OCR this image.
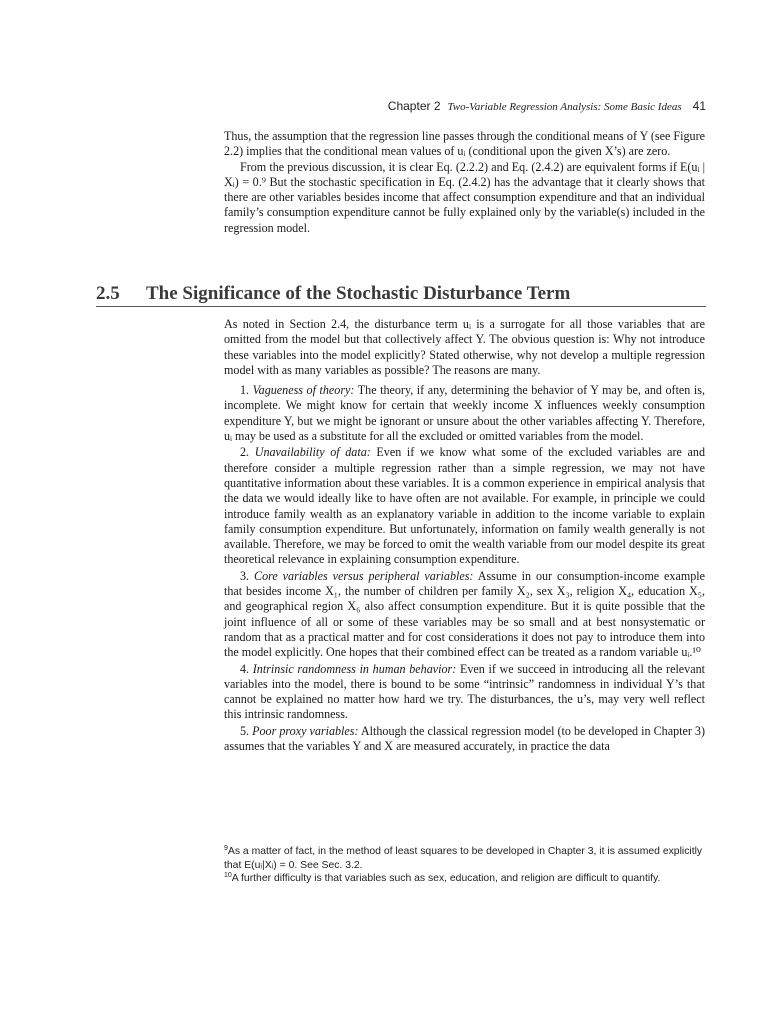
Chapter 2 Two-Variable Regression Analysis: Some Basic Ideas 41

Thus, the assumption that the regression line passes through the conditional means of Y (see Figure 2.2) implies that the conditional mean values of uᵢ (conditional upon the given X’s) are zero.

From the previous discussion, it is clear Eq. (2.2.2) and Eq. (2.4.2) are equivalent forms if E(uᵢ | Xᵢ) = 0.⁹ But the stochastic specification in Eq. (2.4.2) has the advantage that it clearly shows that there are other variables besides income that affect consumption expenditure and that an individual family’s consumption expenditure cannot be fully explained only by the variable(s) included in the regression model.

2.5 The Significance of the Stochastic Disturbance Term

As noted in Section 2.4, the disturbance term uᵢ is a surrogate for all those variables that are omitted from the model but that collectively affect Y. The obvious question is: Why not introduce these variables into the model explicitly? Stated otherwise, why not develop a multiple regression model with as many variables as possible? The reasons are many.

1. Vagueness of theory: The theory, if any, determining the behavior of Y may be, and often is, incomplete. We might know for certain that weekly income X influences weekly consumption expenditure Y, but we might be ignorant or unsure about the other variables affecting Y. Therefore, uᵢ may be used as a substitute for all the excluded or omitted variables from the model.

2. Unavailability of data: Even if we know what some of the excluded variables are and therefore consider a multiple regression rather than a simple regression, we may not have quantitative information about these variables. It is a common experience in empirical analysis that the data we would ideally like to have often are not available. For example, in principle we could introduce family wealth as an explanatory variable in addition to the income variable to explain family consumption expenditure. But unfortunately, information on family wealth generally is not available. Therefore, we may be forced to omit the wealth variable from our model despite its great theoretical relevance in explaining consumption expenditure.

3. Core variables versus peripheral variables: Assume in our consumption-income example that besides income X₁, the number of children per family X₂, sex X₃, religion X₄, education X₅, and geographical region X₆ also affect consumption expenditure. But it is quite possible that the joint influence of all or some of these variables may be so small and at best nonsystematic or random that as a practical matter and for cost considerations it does not pay to introduce them into the model explicitly. One hopes that their combined effect can be treated as a random variable uᵢ.¹⁰

4. Intrinsic randomness in human behavior: Even if we succeed in introducing all the relevant variables into the model, there is bound to be some “intrinsic” randomness in individual Y’s that cannot be explained no matter how hard we try. The disturbances, the u’s, may very well reflect this intrinsic randomness.

5. Poor proxy variables: Although the classical regression model (to be developed in Chapter 3) assumes that the variables Y and X are measured accurately, in practice the data

$^9$As a matter of fact, in the method of least squares to be developed in Chapter 3, it is assumed explicitly that E(uᵢ|Xᵢ) = 0. See Sec. 3.2.

$^{10}$A further difficulty is that variables such as sex, education, and religion are difficult to quantify.
